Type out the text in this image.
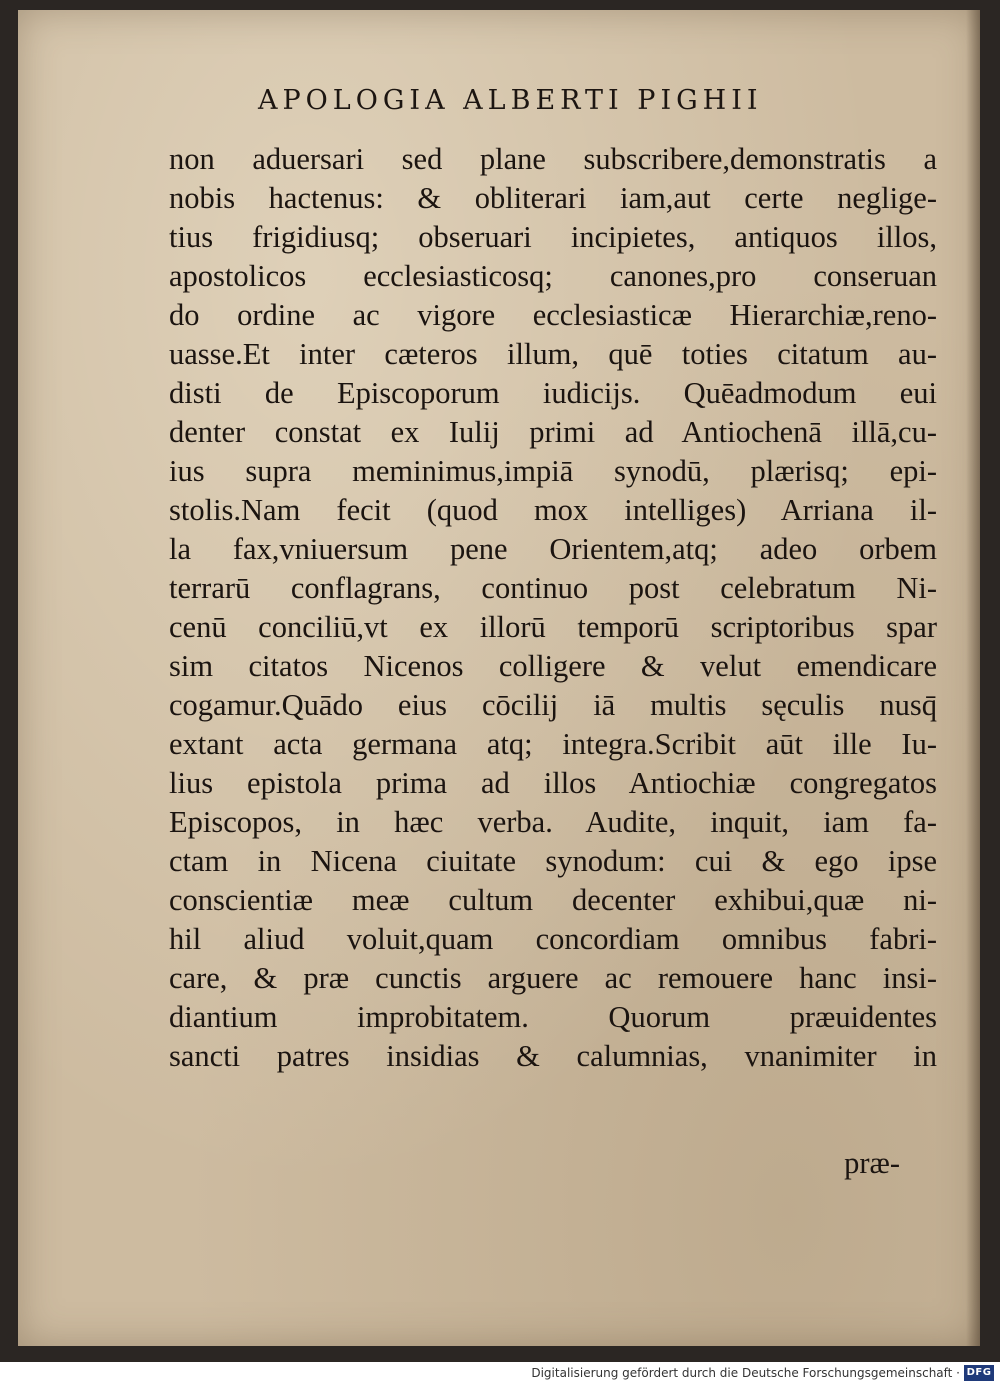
APOLOGIA ALBERTI PIGHII
non aduersari sed plane subscribere,demonstratis a
nobis hactenus: & obliterari iam,aut certe neglige-
tius frigidiusq; obseruari incipietes, antiquos illos,
apostolicos ecclesiasticosq; canones,pro conseruan
do ordine ac vigore ecclesiasticæ Hierarchiæ,reno-
uasse.Et inter cæteros illum, quē toties citatum au-
disti de Episcoporum iudicijs. Quēadmodum eui
denter constat ex Iulij primi ad Antiochenā illā,cu-
ius supra meminimus,impiā synodū, plærisq; epi-
stolis.Nam fecit (quod mox intelliges) Arriana il-
la fax,vniuersum pene Orientem,atq; adeo orbem
terrarū conflagrans, continuo post celebratum Ni-
cenū conciliū,vt ex illorū temporū scriptoribus spar
sim citatos Nicenos colligere & velut emendicare
cogamur.Quādo eius cōcilij iā multis sęculis nusq̄
extant acta germana atq; integra.Scribit aūt ille Iu-
lius epistola prima ad illos Antiochiæ congregatos
Episcopos, in hæc verba. Audite, inquit, iam fa-
ctam in Nicena ciuitate synodum: cui & ego ipse
conscientiæ meæ cultum decenter exhibui,quæ ni-
hil aliud voluit,quam concordiam omnibus fabri-
care, & præ cunctis arguere ac remouere hanc insi-
diantium improbitatem. Quorum præuidentes
sancti patres insidias & calumnias, vnanimiter in
præ-
Digitalisierung gefördert durch die Deutsche Forschungsgemeinschaft · DFG
